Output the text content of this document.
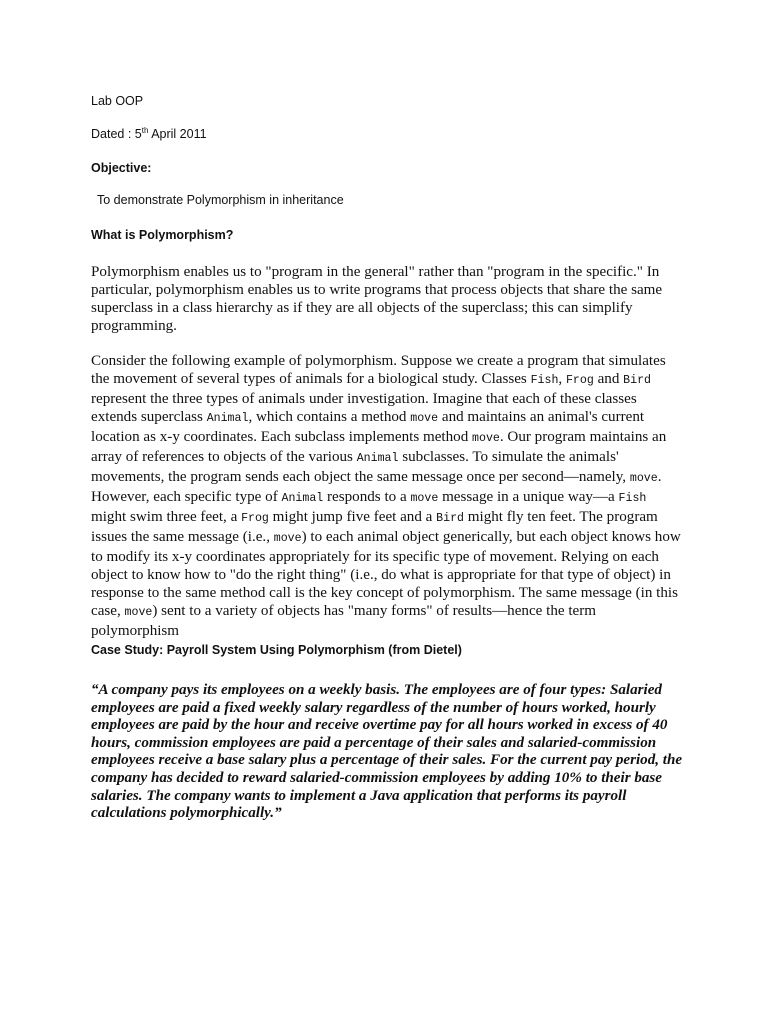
Lab OOP
Dated : 5th April 2011
Objective:
To demonstrate Polymorphism in inheritance
What is Polymorphism?
Polymorphism enables us to "program in the general" rather than "program in the specific." In particular, polymorphism enables us to write programs that process objects that share the same superclass in a class hierarchy as if they are all objects of the superclass; this can simplify programming.
Consider the following example of polymorphism. Suppose we create a program that simulates the movement of several types of animals for a biological study. Classes Fish, Frog and Bird represent the three types of animals under investigation. Imagine that each of these classes extends superclass Animal, which contains a method move and maintains an animal's current location as x-y coordinates. Each subclass implements method move. Our program maintains an array of references to objects of the various Animal subclasses. To simulate the animals' movements, the program sends each object the same message once per second—namely, move. However, each specific type of Animal responds to a move message in a unique way—a Fish might swim three feet, a Frog might jump five feet and a Bird might fly ten feet. The program issues the same message (i.e., move) to each animal object generically, but each object knows how to modify its x-y coordinates appropriately for its specific type of movement. Relying on each object to know how to "do the right thing" (i.e., do what is appropriate for that type of object) in response to the same method call is the key concept of polymorphism. The same message (in this case, move) sent to a variety of objects has "many forms" of results—hence the term polymorphism
Case Study: Payroll System Using Polymorphism (from Dietel)
“A company pays its employees on a weekly basis. The employees are of four types: Salaried employees are paid a fixed weekly salary regardless of the number of hours worked, hourly employees are paid by the hour and receive overtime pay for all hours worked in excess of 40 hours, commission employees are paid a percentage of their sales and salaried-commission employees receive a base salary plus a percentage of their sales. For the current pay period, the company has decided to reward salaried-commission employees by adding 10% to their base salaries. The company wants to implement a Java application that performs its payroll calculations polymorphically.”
